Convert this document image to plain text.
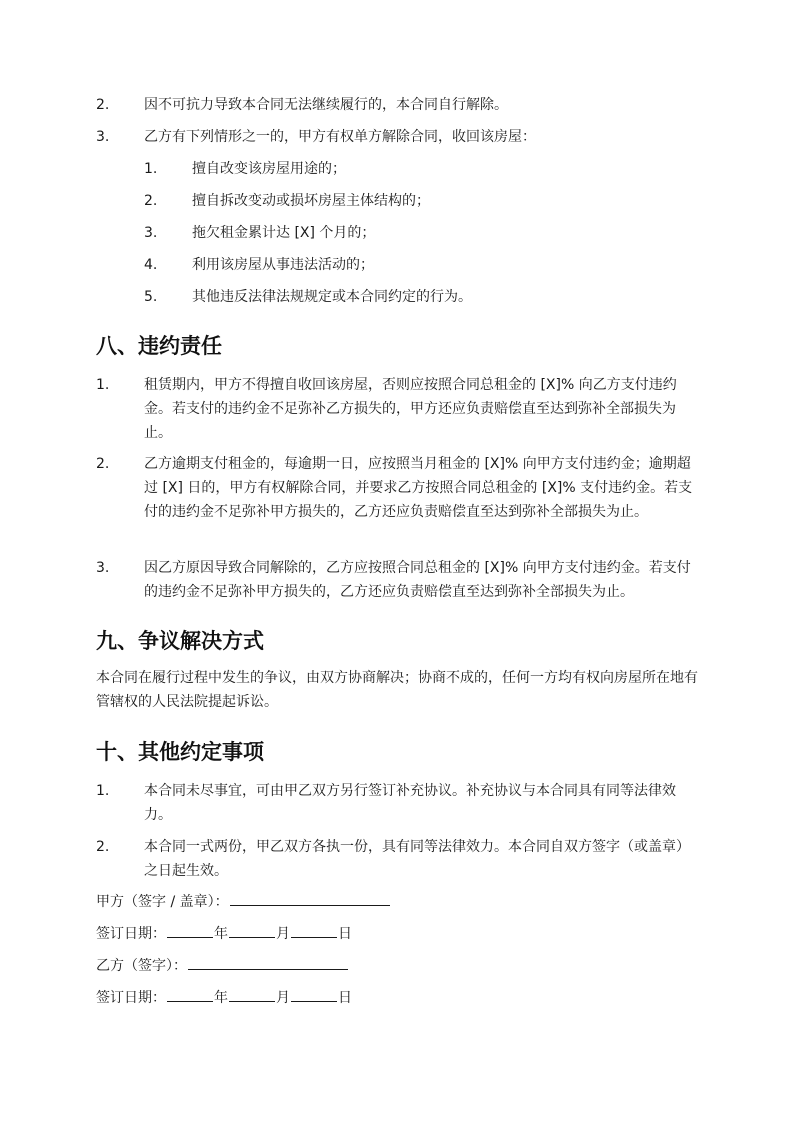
2.	因不可抗力导致本合同无法继续履行的，本合同自行解除。
3.	乙方有下列情形之一的，甲方有权单方解除合同，收回该房屋：
1.	擅自改变该房屋用途的；
2.	擅自拆改变动或损坏房屋主体结构的；
3.	拖欠租金累计达 [X] 个月的；
4.	利用该房屋从事违法活动的；
5.	其他违反法律法规规定或本合同约定的行为。
八、违约责任
1.	租赁期内，甲方不得擅自收回该房屋，否则应按照合同总租金的 [X]% 向乙方支付违约金。若支付的违约金不足弥补乙方损失的，甲方还应负责赔偿直至达到弥补全部损失为止。
2.	乙方逾期支付租金的，每逾期一日，应按照当月租金的 [X]% 向甲方支付违约金；逾期超过 [X] 日的，甲方有权解除合同，并要求乙方按照合同总租金的 [X]% 支付违约金。若支付的违约金不足弥补甲方损失的，乙方还应负责赔偿直至达到弥补全部损失为止。
3.	因乙方原因导致合同解除的，乙方应按照合同总租金的 [X]% 向甲方支付违约金。若支付的违约金不足弥补甲方损失的，乙方还应负责赔偿直至达到弥补全部损失为止。
九、争议解决方式
本合同在履行过程中发生的争议，由双方协商解决；协商不成的，任何一方均有权向房屋所在地有管辖权的人民法院提起诉讼。
十、其他约定事项
1.	本合同未尽事宜，可由甲乙双方另行签订补充协议。补充协议与本合同具有同等法律效力。
2.	本合同一式两份，甲乙双方各执一份，具有同等法律效力。本合同自双方签字（或盖章）之日起生效。
甲方（签字 / 盖章）：
签订日期：	年	月	日
乙方（签字）：
签订日期：	年	月	日
